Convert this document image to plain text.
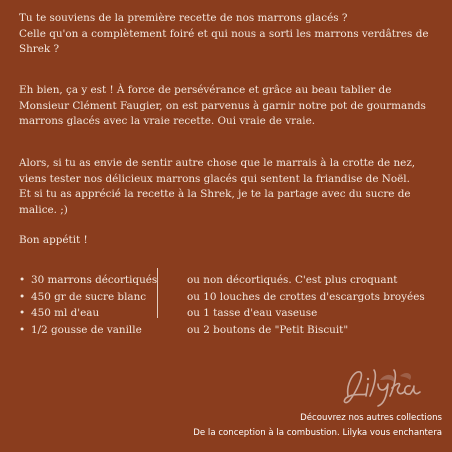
Tu te souviens de la première recette de nos marrons glacés ?
Celle qu'on a complètement foiré et qui nous a sorti les marrons verdâtres de Shrek ?

Eh bien, ça y est ! À force de persévérance et grâce au beau tablier de Monsieur Clément Faugier, on est parvenus à garnir notre pot de gourmands marrons glacés avec la vraie recette. Oui vraie de vraie.

Alors, si tu as envie de sentir autre chose que le marrais à la crotte de nez, viens tester nos délicieux marrons glacés qui sentent la friandise de Noël.
Et si tu as apprécié la recette à la Shrek, je te la partage avec du sucre de malice. ;)

Bon appétit !

• 30 marrons décortiqués	ou non décortiqués. C'est plus croquant
• 450 gr de sucre blanc	ou 10 louches de crottes d'escargots broyées
• 450 ml d'eau	ou 1 tasse d'eau vaseuse
• 1/2 gousse de vanille	ou 2 boutons de "Petit Biscuit"
Découvrez nos autres collections
De la conception à la combustion. Lilyka vous enchantera
